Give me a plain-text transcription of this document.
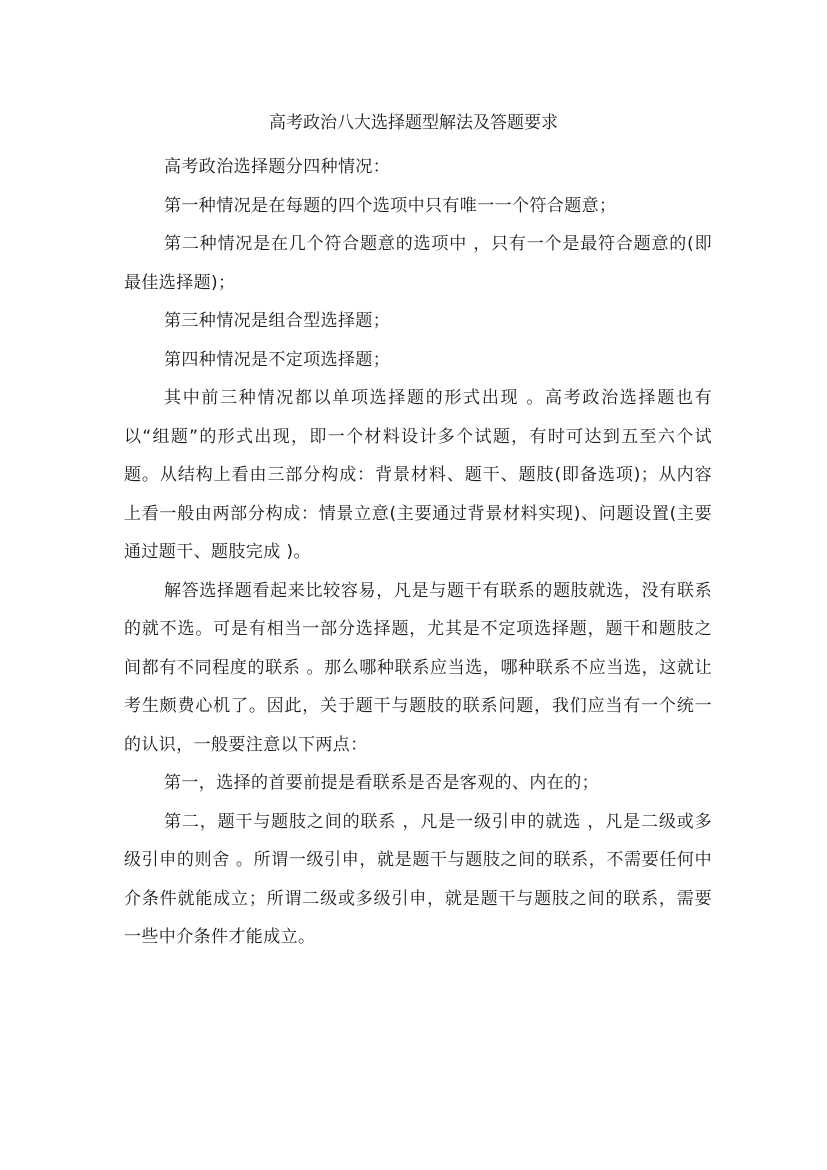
高考政治八大选择题型解法及答题要求

高考政治选择题分四种情况：

第一种情况是在每题的四个选项中只有唯一一个符合题意；

第二种情况是在几个符合题意的选项中 ，只有一个是最符合题意的(即最佳选择题)；

第三种情况是组合型选择题；

第四种情况是不定项选择题；

其中前三种情况都以单项选择题的形式出现 。高考政治选择题也有以“组题”的形式出现，即一个材料设计多个试题，有时可达到五至六个试题。从结构上看由三部分构成：背景材料、题干、题肢(即备选项)；从内容上看一般由两部分构成：情景立意(主要通过背景材料实现)、问题设置(主要通过题干、题肢完成 )。

解答选择题看起来比较容易，凡是与题干有联系的题肢就选，没有联系的就不选。可是有相当一部分选择题，尤其是不定项选择题，题干和题肢之间都有不同程度的联系 。那么哪种联系应当选，哪种联系不应当选，这就让考生颇费心机了。因此，关于题干与题肢的联系问题，我们应当有一个统一的认识，一般要注意以下两点：

第一，选择的首要前提是看联系是否是客观的、内在的；

第二，题干与题肢之间的联系 ，凡是一级引申的就选 ，凡是二级或多级引申的则舍 。所谓一级引申，就是题干与题肢之间的联系，不需要任何中介条件就能成立；所谓二级或多级引申，就是题干与题肢之间的联系，需要一些中介条件才能成立。
